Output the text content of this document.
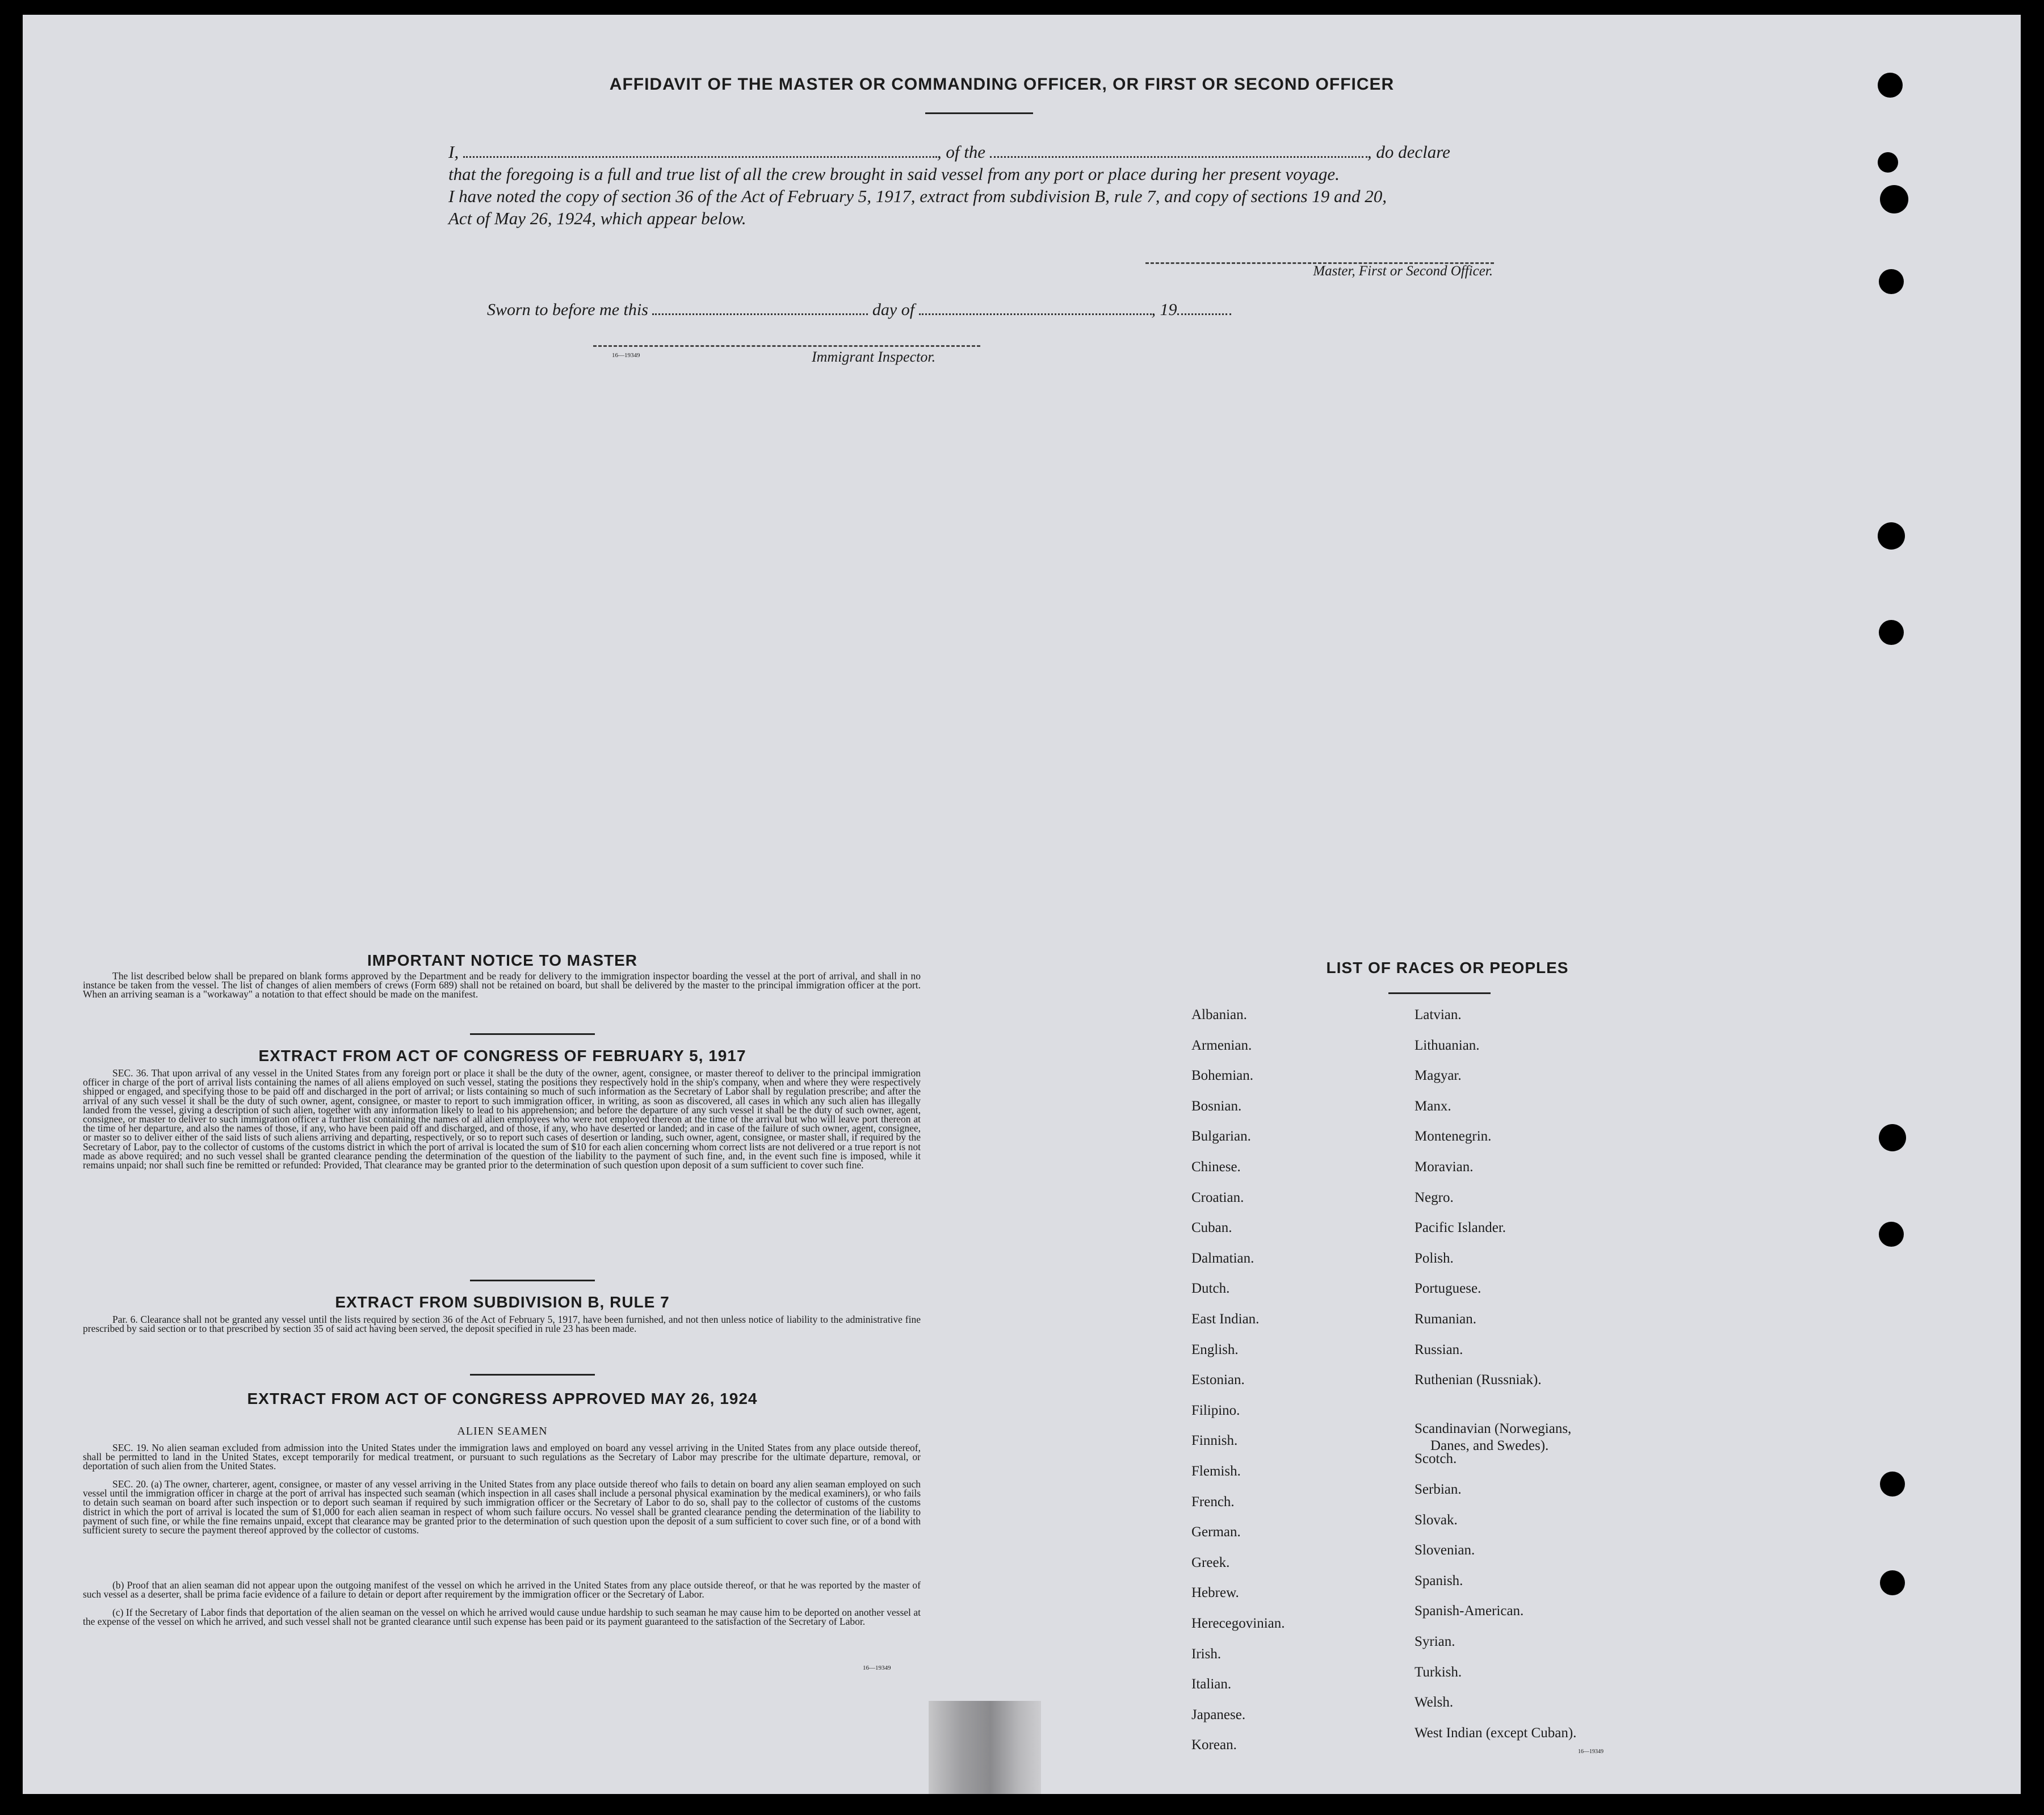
AFFIDAVIT OF THE MASTER OR COMMANDING OFFICER, OR FIRST OR SECOND OFFICER

I,	, of the	, do declare

that the foregoing is a full and true list of all the crew brought in said vessel from any port or place during her present voyage.

I have noted the copy of section 36 of the Act of February 5, 1917, extract from subdivision B, rule 7, and copy of sections 19 and 20,

Act of May 26, 1924, which appear below.

Master, First or Second Officer.
Sworn to before me this	day of	, 19
16—19349	Immigrant Inspector.
IMPORTANT NOTICE TO MASTER

The list described below shall be prepared on blank forms approved by the Department and be ready for delivery to the immigration inspector boarding the vessel at the port of arrival, and shall in no instance be taken from the vessel. The list of changes of alien members of crews (Form 689) shall not be retained on board, but shall be delivered by the master to the principal immigration officer at the port. When an arriving seaman is a "workaway" a notation to that effect should be made on the manifest.

EXTRACT FROM ACT OF CONGRESS OF FEBRUARY 5, 1917

SEC. 36. That upon arrival of any vessel in the United States from any foreign port or place it shall be the duty of the owner, agent, consignee, or master thereof to deliver to the principal immigration officer in charge of the port of arrival lists containing the names of all aliens employed on such vessel, stating the positions they respectively hold in the ship's company, when and where they were respectively shipped or engaged, and specifying those to be paid off and discharged in the port of arrival; or lists containing so much of such information as the Secretary of Labor shall by regulation prescribe; and after the arrival of any such vessel it shall be the duty of such owner, agent, consignee, or master to report to such immigration officer, in writing, as soon as discovered, all cases in which any such alien has illegally landed from the vessel, giving a description of such alien, together with any information likely to lead to his apprehension; and before the departure of any such vessel it shall be the duty of such owner, agent, consignee, or master to deliver to such immigration officer a further list containing the names of all alien employees who were not employed thereon at the time of the arrival but who will leave port thereon at the time of her departure, and also the names of those, if any, who have been paid off and discharged, and of those, if any, who have deserted or landed; and in case of the failure of such owner, agent, consignee, or master so to deliver either of the said lists of such aliens arriving and departing, respectively, or so to report such cases of desertion or landing, such owner, agent, consignee, or master shall, if required by the Secretary of Labor, pay to the collector of customs of the customs district in which the port of arrival is located the sum of $10 for each alien concerning whom correct lists are not delivered or a true report is not made as above required; and no such vessel shall be granted clearance pending the determination of the question of the liability to the payment of such fine, and, in the event such fine is imposed, while it remains unpaid; nor shall such fine be remitted or refunded: Provided, That clearance may be granted prior to the determination of such question upon deposit of a sum sufficient to cover such fine.

EXTRACT FROM SUBDIVISION B, RULE 7

Par. 6. Clearance shall not be granted any vessel until the lists required by section 36 of the Act of February 5, 1917, have been furnished, and not then unless notice of liability to the administrative fine prescribed by said section or to that prescribed by section 35 of said act having been served, the deposit specified in rule 23 has been made.

EXTRACT FROM ACT OF CONGRESS APPROVED MAY 26, 1924
ALIEN SEAMEN

SEC. 19. No alien seaman excluded from admission into the United States under the immigration laws and employed on board any vessel arriving in the United States from any place outside thereof, shall be permitted to land in the United States, except temporarily for medical treatment, or pursuant to such regulations as the Secretary of Labor may prescribe for the ultimate departure, removal, or deportation of such alien from the United States.

SEC. 20. (a) The owner, charterer, agent, consignee, or master of any vessel arriving in the United States from any place outside thereof who fails to detain on board any alien seaman employed on such vessel until the immigration officer in charge at the port of arrival has inspected such seaman (which inspection in all cases shall include a personal physical examination by the medical examiners), or who fails to detain such seaman on board after such inspection or to deport such seaman if required by such immigration officer or the Secretary of Labor to do so, shall pay to the collector of customs of the customs district in which the port of arrival is located the sum of $1,000 for each alien seaman in respect of whom such failure occurs. No vessel shall be granted clearance pending the determination of the liability to payment of such fine, or while the fine remains unpaid, except that clearance may be granted prior to the determination of such question upon the deposit of a sum sufficient to cover such fine, or of a bond with sufficient surety to secure the payment thereof approved by the collector of customs.

(b) Proof that an alien seaman did not appear upon the outgoing manifest of the vessel on which he arrived in the United States from any place outside thereof, or that he was reported by the master of such vessel as a deserter, shall be prima facie evidence of a failure to detain or deport after requirement by the immigration officer or the Secretary of Labor.

(c) If the Secretary of Labor finds that deportation of the alien seaman on the vessel on which he arrived would cause undue hardship to such seaman he may cause him to be deported on another vessel at the expense of the vessel on which he arrived, and such vessel shall not be granted clearance until such expense has been paid or its payment guaranteed to the satisfaction of the Secretary of Labor.

16—19349
LIST OF RACES OR PEOPLES
Albanian.
Armenian.
Bohemian.
Bosnian.
Bulgarian.
Chinese.
Croatian.
Cuban.
Dalmatian.
Dutch.
East Indian.
English.
Estonian.
Filipino.
Finnish.
Flemish.
French.
German.
Greek.
Hebrew.
Herecegovinian.
Irish.
Italian.
Japanese.
Korean.
Latvian.
Lithuanian.
Magyar.
Manx.
Montenegrin.
Moravian.
Negro.
Pacific Islander.
Polish.
Portuguese.
Rumanian.
Russian.
Ruthenian (Russniak).
Scandinavian (Norwegians,
Danes, and Swedes).
Scotch.
Serbian.
Slovak.
Slovenian.
Spanish.
Spanish-American.
Syrian.
Turkish.
Welsh.
West Indian (except Cuban).
16—19349
